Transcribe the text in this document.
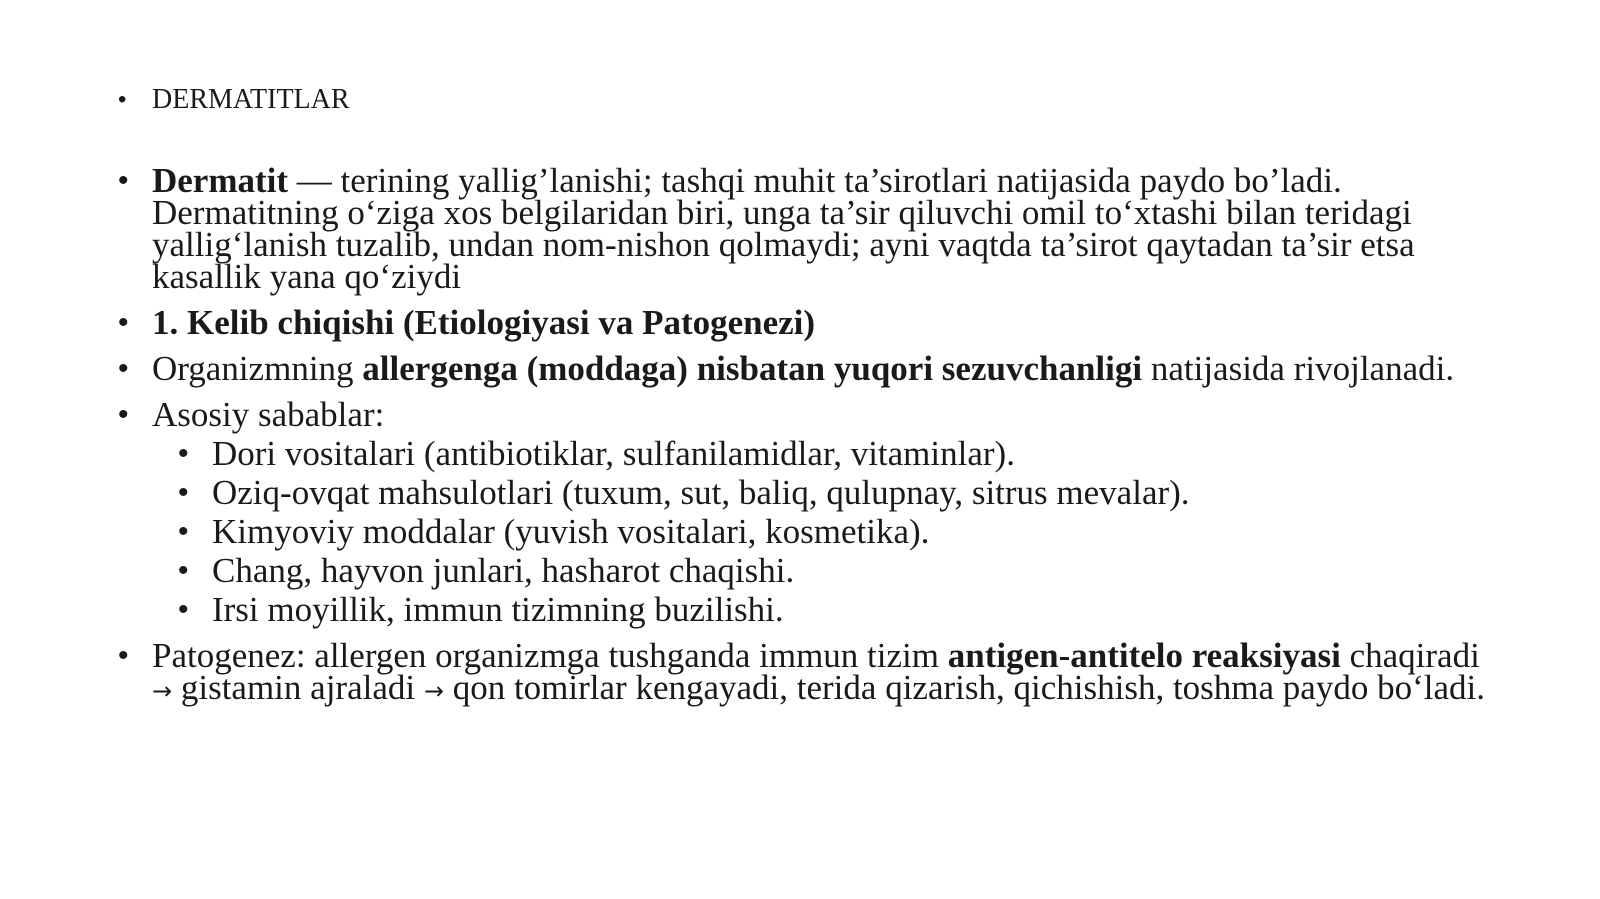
• DERMATITLAR
• Dermatit — terining yallig’lanishi; tashqi muhit ta’sirotlari natijasida paydo bo’ladi. Dermatitning o‘ziga xos belgilaridan biri, unga ta’sir qiluvchi omil to‘xtashi bilan teridagi yallig‘lanish tuzalib, undan nom-nishon qolmaydi; ayni vaqtda ta’sirot qaytadan ta’sir etsa kasallik yana qo‘ziydi
• 1. Kelib chiqishi (Etiologiyasi va Patogenezi)
• Organizmning allergenga (moddaga) nisbatan yuqori sezuvchanligi natijasida rivojlanadi.
• Asosiy sabablar:
• Dori vositalari (antibiotiklar, sulfanilamidlar, vitaminlar).
• Oziq-ovqat mahsulotlari (tuxum, sut, baliq, qulupnay, sitrus mevalar).
• Kimyoviy moddalar (yuvish vositalari, kosmetika).
• Chang, hayvon junlari, hasharot chaqishi.
• Irsi moyillik, immun tizimning buzilishi.
• Patogenez: allergen organizmga tushganda immun tizim antigen-antitelo reaksiyasi chaqiradi → gistamin ajraladi → qon tomirlar kengayadi, terida qizarish, qichishish, toshma paydo bo‘ladi.
